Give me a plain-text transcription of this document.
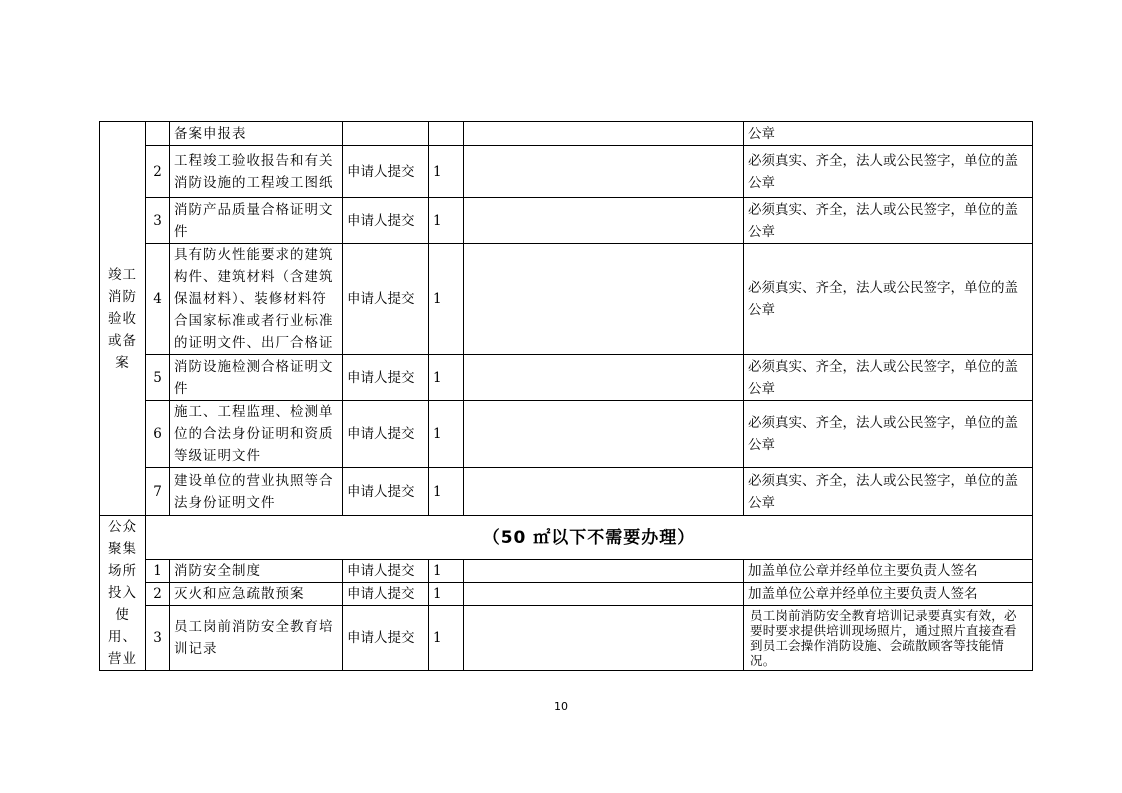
竣工消防验收或备案		备案申报表				公章
	2	工程竣工验收报告和有关消防设施的工程竣工图纸	申请人提交	1		必须真实、齐全，法人或公民签字，单位的盖公章
	3	消防产品质量合格证明文件	申请人提交	1		必须真实、齐全，法人或公民签字，单位的盖公章
	4	具有防火性能要求的建筑构件、建筑材料（含建筑保温材料）、装修材料符合国家标准或者行业标准的证明文件、出厂合格证	申请人提交	1		必须真实、齐全，法人或公民签字，单位的盖公章
	5	消防设施检测合格证明文件	申请人提交	1		必须真实、齐全，法人或公民签字，单位的盖公章
	6	施工、工程监理、检测单位的合法身份证明和资质等级证明文件	申请人提交	1		必须真实、齐全，法人或公民签字，单位的盖公章
	7	建设单位的营业执照等合法身份证明文件	申请人提交	1		必须真实、齐全，法人或公民签字，单位的盖公章
公众聚集场所投入使用、营业	（50 ㎡以下不需要办理）					
	1	消防安全制度	申请人提交	1		加盖单位公章并经单位主要负责人签名
	2	灭火和应急疏散预案	申请人提交	1		加盖单位公章并经单位主要负责人签名
	3	员工岗前消防安全教育培训记录	申请人提交	1		员工岗前消防安全教育培训记录要真实有效，必要时要求提供培训现场照片，通过照片直接查看到员工会操作消防设施、会疏散顾客等技能情况。
10
